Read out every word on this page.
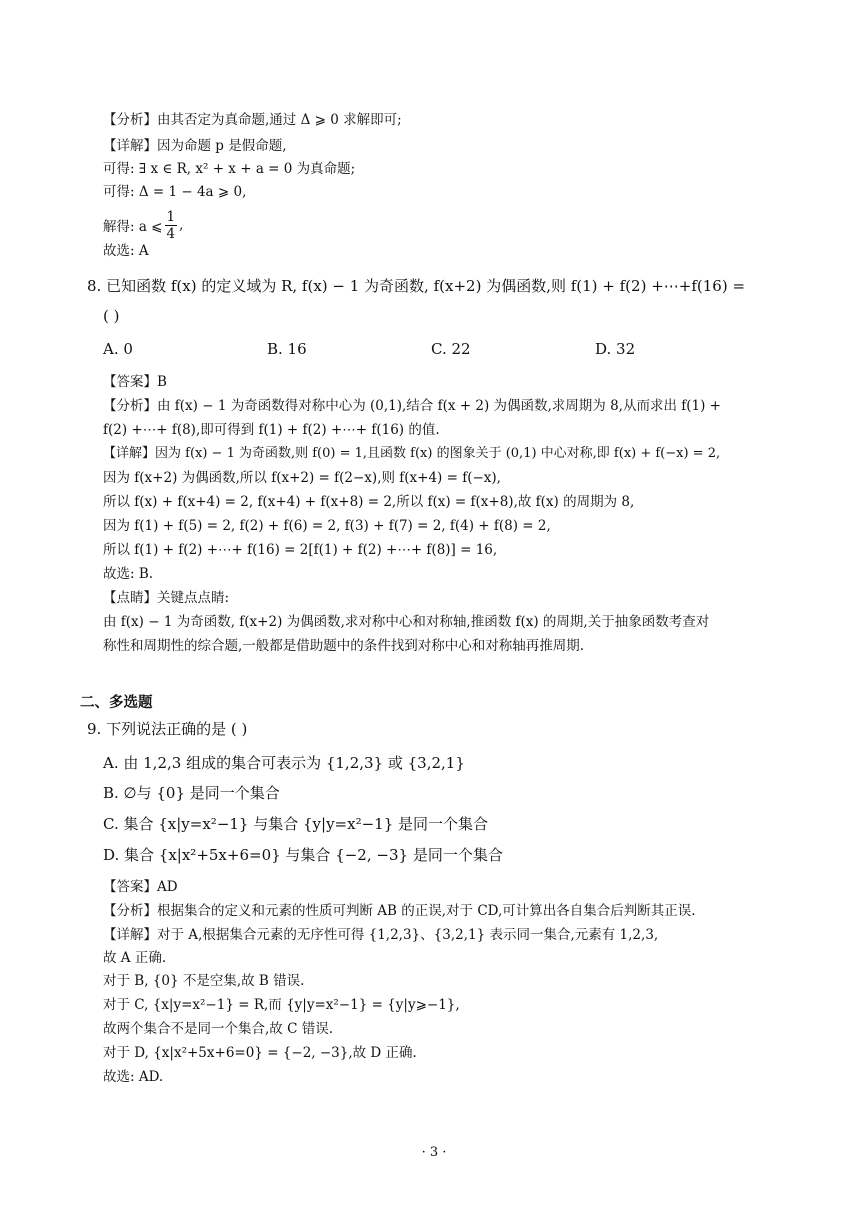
【分析】由其否定为真命题,通过 Δ ⩾ 0 求解即可;
【详解】因为命题 p 是假命题,
可得: ∃ x ∈ R, x² + x + a = 0 为真命题;
可得: Δ = 1 − 4a ⩾ 0,
解得: a ⩽ $\frac{1}{4}$ ,
故选: A
8. 已知函数 f(x) 的定义域为 R, f(x) − 1 为奇函数, f(x+2) 为偶函数,则 f(1) + f(2) +⋯+f(16) =
( )
A. 0	B. 16	C. 22	D. 32
【答案】B
【分析】由 f(x) − 1 为奇函数得对称中心为 (0,1),结合 f(x + 2) 为偶函数,求周期为 8,从而求出 f(1) +
f(2) +⋯+ f(8),即可得到 f(1) + f(2) +⋯+ f(16) 的值.
【详解】因为 f(x) − 1 为奇函数,则 f(0) = 1,且函数 f(x) 的图象关于 (0,1) 中心对称,即 f(x) + f(−x) = 2,
因为 f(x+2) 为偶函数,所以 f(x+2) = f(2−x),则 f(x+4) = f(−x),
所以 f(x) + f(x+4) = 2, f(x+4) + f(x+8) = 2,所以 f(x) = f(x+8),故 f(x) 的周期为 8,
因为 f(1) + f(5) = 2, f(2) + f(6) = 2, f(3) + f(7) = 2, f(4) + f(8) = 2,
所以 f(1) + f(2) +⋯+ f(16) = 2[f(1) + f(2) +⋯+ f(8)] = 16,
故选: B.
【点睛】关键点点睛:
由 f(x) − 1 为奇函数, f(x+2) 为偶函数,求对称中心和对称轴,推函数 f(x) 的周期,关于抽象函数考查对
称性和周期性的综合题,一般都是借助题中的条件找到对称中心和对称轴再推周期.
二、多选题
9. 下列说法正确的是 ( )
A. 由 1,2,3 组成的集合可表示为 {1,2,3} 或 {3,2,1}
B. ∅与 {0} 是同一个集合
C. 集合 {x|y=x²−1} 与集合 {y|y=x²−1} 是同一个集合
D. 集合 {x|x²+5x+6=0} 与集合 {−2, −3} 是同一个集合
【答案】AD
【分析】根据集合的定义和元素的性质可判断 AB 的正误,对于 CD,可计算出各自集合后判断其正误.
【详解】对于 A,根据集合元素的无序性可得 {1,2,3}、{3,2,1} 表示同一集合,元素有 1,2,3,
故 A 正确.
对于 B, {0} 不是空集,故 B 错误.
对于 C, {x|y=x²−1} = R,而 {y|y=x²−1} = {y|y⩾−1},
故两个集合不是同一个集合,故 C 错误.
对于 D, {x|x²+5x+6=0} = {−2, −3},故 D 正确.
故选: AD.
· 3 ·
